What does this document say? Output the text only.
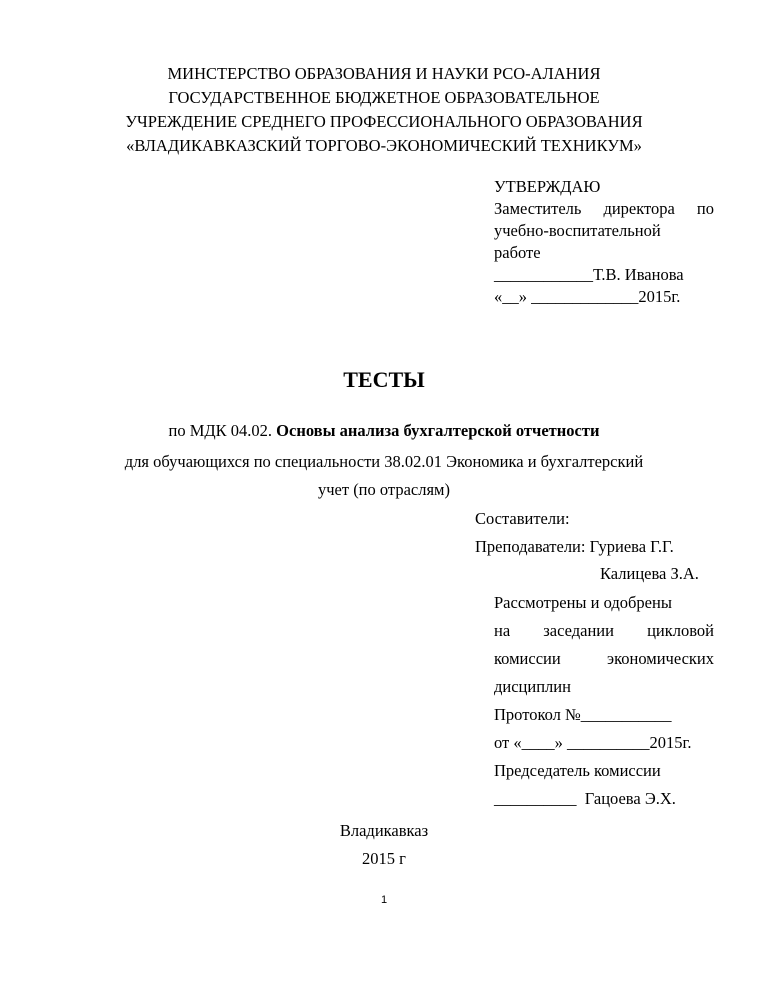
МИНСТЕРСТВО ОБРАЗОВАНИЯ И НАУКИ РСО-АЛАНИЯ
ГОСУДАРСТВЕННОЕ БЮДЖЕТНОЕ ОБРАЗОВАТЕЛЬНОЕ
УЧРЕЖДЕНИЕ СРЕДНЕГО ПРОФЕССИОНАЛЬНОГО ОБРАЗОВАНИЯ
«ВЛАДИКАВКАЗСКИЙ ТОРГОВО-ЭКОНОМИЧЕСКИЙ ТЕХНИКУМ»
УТВЕРЖДАЮ
Заместитель директора по
учебно-воспитательной
работе
____________Т.В. Иванова
«__» _____________2015г.
ТЕСТЫ
по МДК 04.02. Основы анализа бухгалтерской отчетности
для обучающихся по специальности 38.02.01 Экономика и бухгалтерский
учет (по отраслям)
Составители:
Преподаватели: Гуриева Г.Г.
Калицева З.А.
Рассмотрены и одобрены
на заседании цикловой
комиссии	экономических
дисциплин
Протокол №___________
от «____» __________2015г.
Председатель комиссии
__________  Гацоева Э.Х.
Владикавказ
2015 г
1
